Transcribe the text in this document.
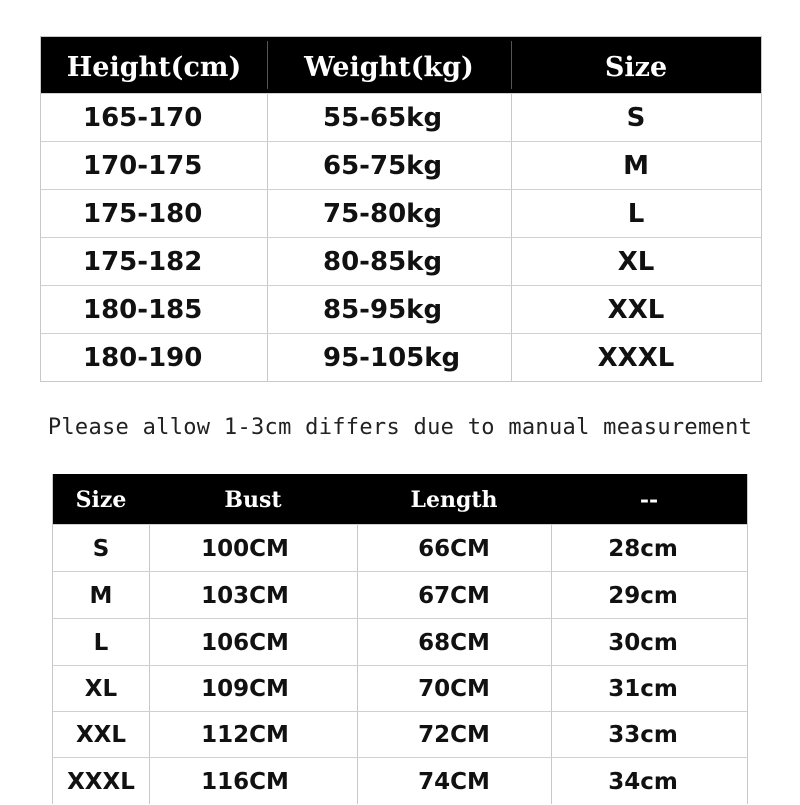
Height(cm)	Weight(kg)	Size
165-170	55-65kg	S
170-175	65-75kg	M
175-180	75-80kg	L
175-182	80-85kg	XL
180-185	85-95kg	XXL
180-190	95-105kg	XXXL
Please allow 1-3cm differs due to manual measurement
Size	Bust	Length	--
S	100CM	66CM	28cm
M	103CM	67CM	29cm
L	106CM	68CM	30cm
XL	109CM	70CM	31cm
XXL	112CM	72CM	33cm
XXXL	116CM	74CM	34cm
